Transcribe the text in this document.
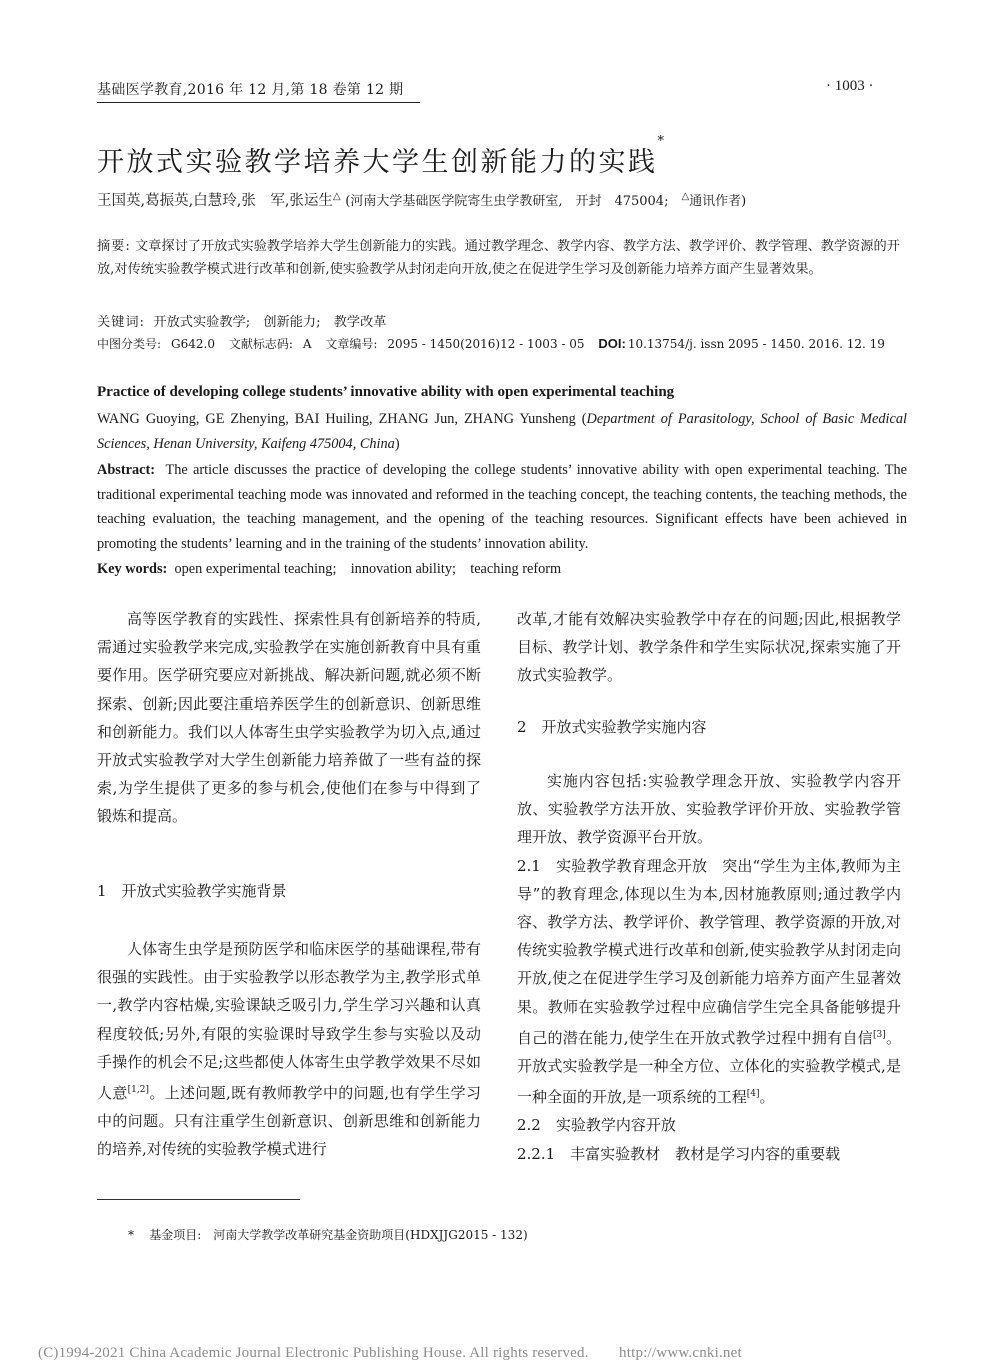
基础医学教育,2016 年 12 月,第 18 卷第 12 期	· 1003 ·
开放式实验教学培养大学生创新能力的实践*
王国英,葛振英,白慧玲,张　军,张运生△ (河南大学基础医学院寄生虫学教研室,　开封　475004;　△通讯作者)
摘要: 文章探讨了开放式实验教学培养大学生创新能力的实践。通过教学理念、教学内容、教学方法、教学评价、教学管理、教学资源的开放,对传统实验教学模式进行改革和创新,使实验教学从封闭走向开放,使之在促进学生学习及创新能力培养方面产生显著效果。
关键词: 开放式实验教学;　创新能力;　教学改革
中图分类号: G642.0 文献标志码: A 文章编号: 2095 - 1450(2016)12 - 1003 - 05 DOI: 10.13754/j. issn 2095 - 1450. 2016. 12. 19
Practice of developing college students’ innovative ability with open experimental teaching
WANG Guoying, GE Zhenying, BAI Huiling, ZHANG Jun, ZHANG Yunsheng (Department of Parasitology, School of Basic Medical Sciences, Henan University, Kaifeng 475004, China)
Abstract: The article discusses the practice of developing the college students’ innovative ability with open experimental teaching. The traditional experimental teaching mode was innovated and reformed in the teaching concept, the teaching contents, the teaching methods, the teaching evaluation, the teaching management, and the opening of the teaching resources. Significant effects have been achieved in promoting the students’ learning and in the training of the students’ innovation ability.
Key words: open experimental teaching;　innovation ability;　teaching reform

高等医学教育的实践性、探索性具有创新培养的特质,需通过实验教学来完成,实验教学在实施创新教育中具有重要作用。医学研究要应对新挑战、解决新问题,就必须不断探索、创新;因此要注重培养医学生的创新意识、创新思维和创新能力。我们以人体寄生虫学实验教学为切入点,通过开放式实验教学对大学生创新能力培养做了一些有益的探索,为学生提供了更多的参与机会,使他们在参与中得到了锻炼和提高。

1　开放式实验教学实施背景

人体寄生虫学是预防医学和临床医学的基础课程,带有很强的实践性。由于实验教学以形态教学为主,教学形式单一,教学内容枯燥,实验课缺乏吸引力,学生学习兴趣和认真程度较低;另外,有限的实验课时导致学生参与实验以及动手操作的机会不足;这些都使人体寄生虫学教学效果不尽如人意[1,2]。上述问题,既有教师教学中的问题,也有学生学习中的问题。只有注重学生创新意识、创新思维和创新能力的培养,对传统的实验教学模式进行

改革,才能有效解决实验教学中存在的问题;因此,根据教学目标、教学计划、教学条件和学生实际状况,探索实施了开放式实验教学。

2　开放式实验教学实施内容

实施内容包括:实验教学理念开放、实验教学内容开放、实验教学方法开放、实验教学评价开放、实验教学管理开放、教学资源平台开放。

2.1　实验教学教育理念开放　突出“学生为主体,教师为主导”的教育理念,体现以生为本,因材施教原则;通过教学内容、教学方法、教学评价、教学管理、教学资源的开放,对传统实验教学模式进行改革和创新,使实验教学从封闭走向开放,使之在促进学生学习及创新能力培养方面产生显著效果。教师在实验教学过程中应确信学生完全具备能够提升自己的潜在能力,使学生在开放式教学过程中拥有自信[3]。开放式实验教学是一种全方位、立体化的实验教学模式,是一种全面的开放,是一项系统的工程[4]。

2.2　实验教学内容开放

2.2.1　丰富实验教材　教材是学习内容的重要载

* 基金项目:　河南大学教学改革研究基金资助项目(HDXJJG2015 - 132)
(C)1994-2021 China Academic Journal Electronic Publishing House. All rights reserved.　　http://www.cnki.net
